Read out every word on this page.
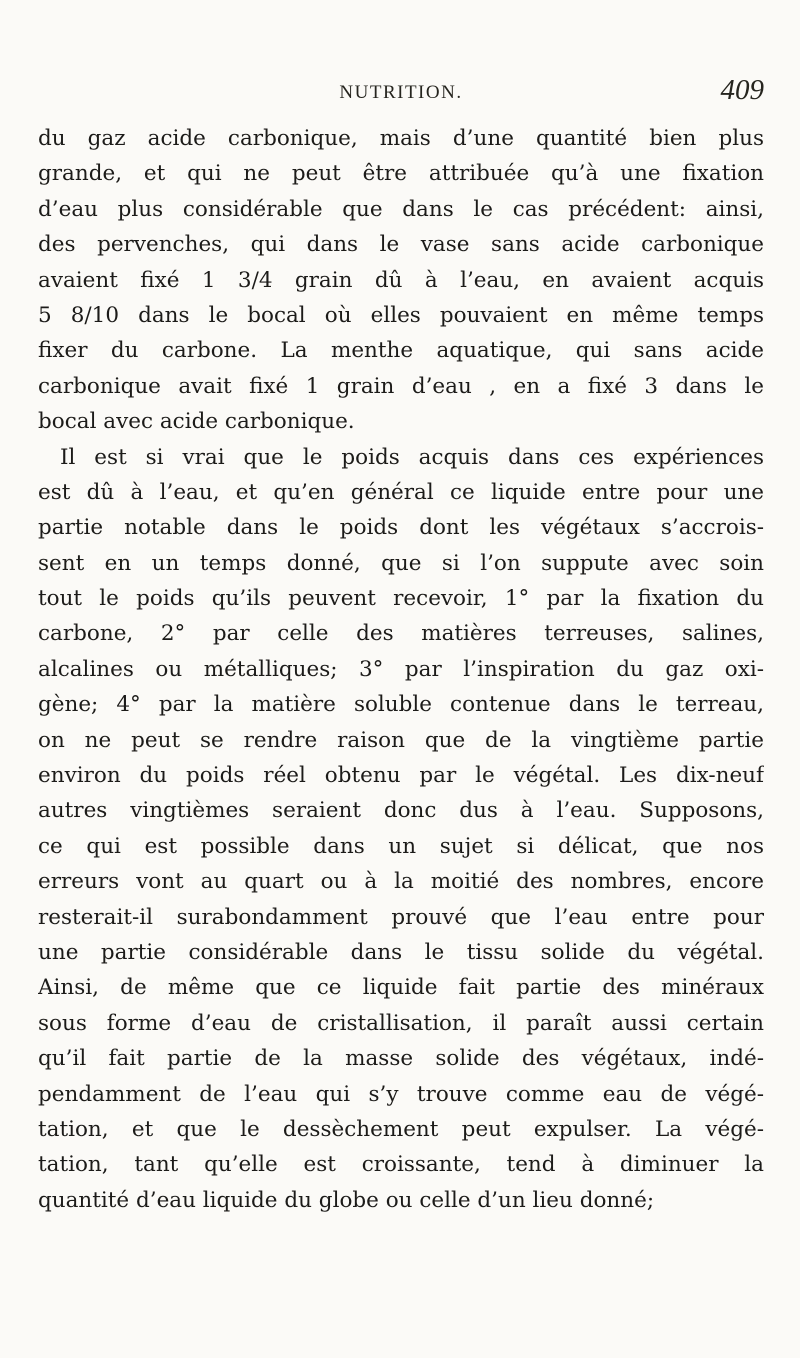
NUTRITION.	409
du gaz acide carbonique, mais d’une quantité bien plus
grande, et qui ne peut être attribuée qu’à une fixation
d’eau plus considérable que dans le cas précédent: ainsi,
des pervenches, qui dans le vase sans acide carbonique
avaient fixé 1 3/4 grain dû à l’eau, en avaient acquis
5 8/10 dans le bocal où elles pouvaient en même temps
fixer du carbone. La menthe aquatique, qui sans acide
carbonique avait fixé 1 grain d’eau , en a fixé 3 dans le
bocal avec acide carbonique.
Il est si vrai que le poids acquis dans ces expériences
est dû à l’eau, et qu’en général ce liquide entre pour une
partie notable dans le poids dont les végétaux s’accrois-
sent en un temps donné, que si l’on suppute avec soin
tout le poids qu’ils peuvent recevoir, 1° par la fixation du
carbone, 2° par celle des matières terreuses, salines,
alcalines ou métalliques; 3° par l’inspiration du gaz oxi-
gène; 4° par la matière soluble contenue dans le terreau,
on ne peut se rendre raison que de la vingtième partie
environ du poids réel obtenu par le végétal. Les dix-neuf
autres vingtièmes seraient donc dus à l’eau. Supposons,
ce qui est possible dans un sujet si délicat, que nos
erreurs vont au quart ou à la moitié des nombres, encore
resterait-il surabondamment prouvé que l’eau entre pour
une partie considérable dans le tissu solide du végétal.
Ainsi, de même que ce liquide fait partie des minéraux
sous forme d’eau de cristallisation, il paraît aussi certain
qu’il fait partie de la masse solide des végétaux, indé-
pendamment de l’eau qui s’y trouve comme eau de végé-
tation, et que le dessèchement peut expulser. La végé-
tation, tant qu’elle est croissante, tend à diminuer la
quantité d’eau liquide du globe ou celle d’un lieu donné;
